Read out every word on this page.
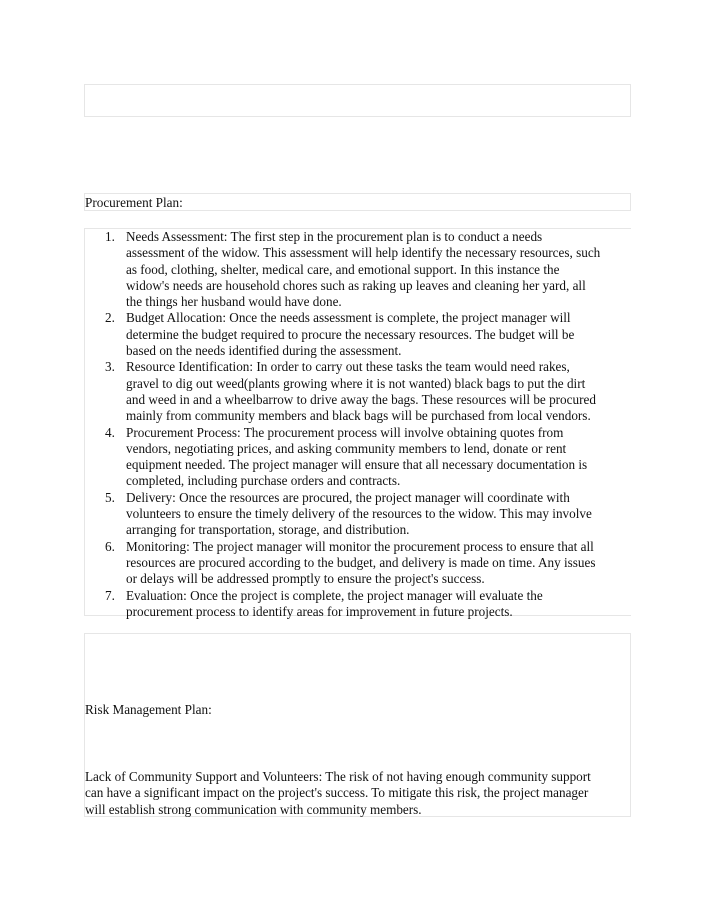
Procurement Plan:
1. Needs Assessment: The first step in the procurement plan is to conduct a needs
assessment of the widow. This assessment will help identify the necessary resources, such
as food, clothing, shelter, medical care, and emotional support. In this instance the
widow's needs are household chores such as raking up leaves and cleaning her yard, all
the things her husband would have done.
2. Budget Allocation: Once the needs assessment is complete, the project manager will
determine the budget required to procure the necessary resources. The budget will be
based on the needs identified during the assessment.
3. Resource Identification: In order to carry out these tasks the team would need rakes,
gravel to dig out weed(plants growing where it is not wanted) black bags to put the dirt
and weed in and a wheelbarrow to drive away the bags. These resources will be procured
mainly from community members and black bags will be purchased from local vendors.
4. Procurement Process: The procurement process will involve obtaining quotes from
vendors, negotiating prices, and asking community members to lend, donate or rent
equipment needed. The project manager will ensure that all necessary documentation is
completed, including purchase orders and contracts.
5. Delivery: Once the resources are procured, the project manager will coordinate with
volunteers to ensure the timely delivery of the resources to the widow. This may involve
arranging for transportation, storage, and distribution.
6. Monitoring: The project manager will monitor the procurement process to ensure that all
resources are procured according to the budget, and delivery is made on time. Any issues
or delays will be addressed promptly to ensure the project's success.
7. Evaluation: Once the project is complete, the project manager will evaluate the
procurement process to identify areas for improvement in future projects.
Risk Management Plan:
Lack of Community Support and Volunteers: The risk of not having enough community support
can have a significant impact on the project's success. To mitigate this risk, the project manager
will establish strong communication with community members.
